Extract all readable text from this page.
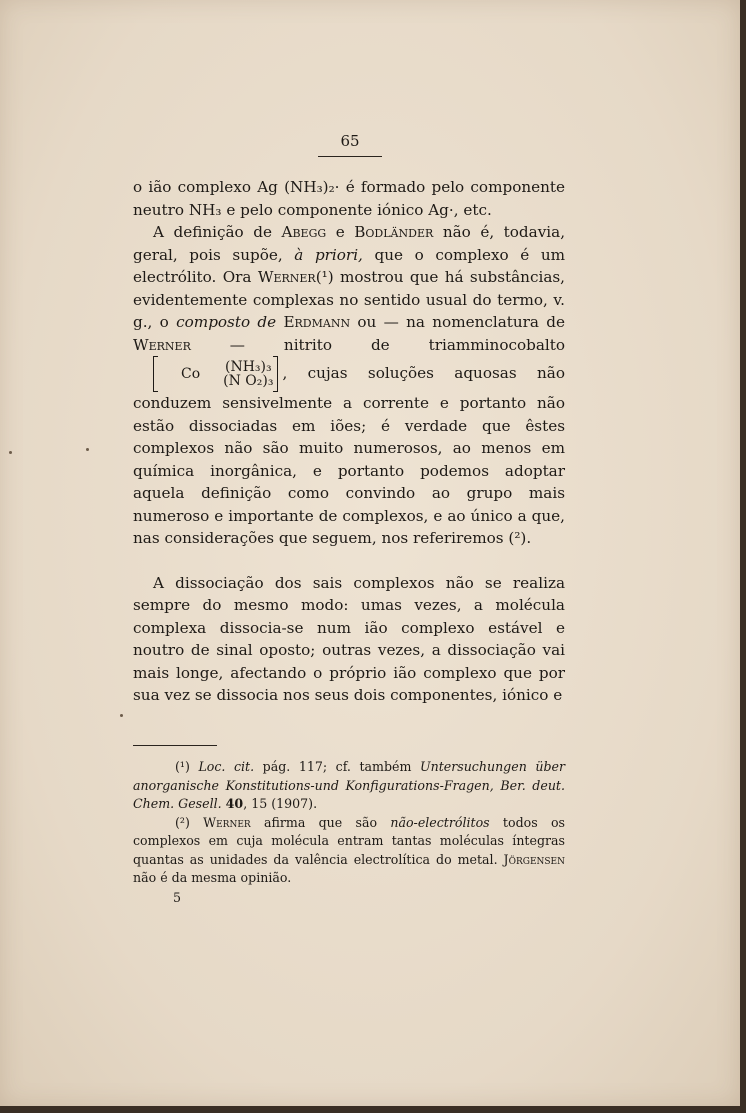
65

o ião complexo Ag (NH₃)₂· é formado pelo componente neutro NH₃ e pelo componente iónico Ag·, etc.

A definição de Abegg e Bodländer não é, todavia, geral, pois supõe, à priori, que o complexo é um electrólito. Ora Werner(¹) mostrou que há substâncias, evidentemente complexas no sentido usual do termo, v. g., o composto de Erdmann ou — na nomenclatura de Werner	— nitrito de triamminocobalto Co	(NH₃)₃
(N O₂)₃ , cujas soluções aquosas não conduzem sensivelmente a corrente e portanto não estão dissociadas em iões; é verdade que êstes complexos não são muito numerosos, ao menos em química inorgânica, e portanto podemos adoptar aquela definição como convindo ao grupo mais numeroso e importante de complexos, e ao único a que, nas considerações que seguem, nos referiremos (²).

A dissociação dos sais complexos não se realiza sempre do mesmo modo: umas vezes, a molécula complexa dissocia-se num ião complexo estável e noutro de sinal oposto; outras vezes, a dissociação vai mais longe, afectando o próprio ião complexo que por sua vez se dissocia nos seus dois componentes, iónico e

(¹) Loc. cit. pág. 117; cf. também Untersuchungen über anorganische Konstitutions-und Konfigurations-Fragen, Ber. deut. Chem. Gesell. 40, 15 (1907).

(²) Werner afirma que são não-electrólitos todos os complexos em cuja molécula entram tantas moléculas íntegras quantas as unidades da valência electrolítica do metal. Jörgensen não é da mesma opinião.

5
